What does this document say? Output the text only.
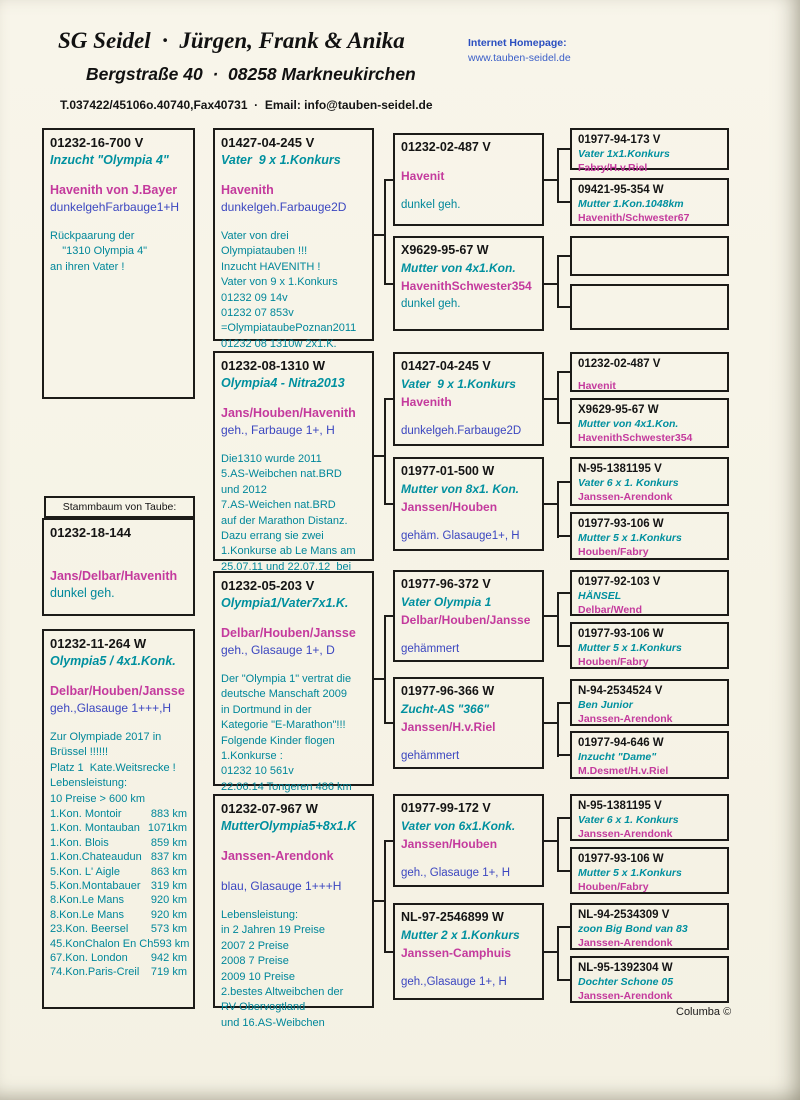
SG Seidel  ·  Jürgen, Frank & Anika	Internet Homepage:
www.tauben-seidel.de
Bergstraße 40  ·  08258 Markneukirchen
T.037422/45106o.40740,Fax40731  ·  Email: info@tauben-seidel.de
01232-16-700 V
Inzucht "Olympia 4"
Havenith von J.Bayer
dunkelgehFarbauge1+H
Rückpaarung der
"1310 Olympia 4"
an ihren Vater !
Stammbaum von Taube:
01232-18-144
Jans/Delbar/Havenith
dunkel geh.
01232-11-264 W
Olympia5 / 4x1.Konk.
Delbar/Houben/Jansse
geh.,Glasauge 1+++,H
Zur Olympiade 2017 in
Brüssel !!!!!!
Platz 1  Kate.Weitsrecke !
Lebensleistung:
10 Preise > 600 km
1.Kon. Montoir	883 km
1.Kon. Montauban 1071km
1.Kon. Blois	859 km
1.Kon.Chateaudun 837 km
5.Kon. L' Aigle	863 km
5.Kon.Montabauer 319 km
8.Kon.Le Mans 920 km
8.Kon.Le Mans 920 km
23.Kon. Beersel 573 km
45.KonChalon En Ch 593 km
67.Kon. London 942 km
74.Kon.Paris-Creil 719 km
01427-04-245 V
Vater  9 x 1.Konkurs
Havenith
dunkelgeh.Farbauge2D
Vater von drei
Olympiatauben !!!
Inzucht HAVENITH !
Vater von 9 x 1.Konkurs
01232 09 14v
01232 07 853v
=OlympiataubePoznan2011
01232 08 1310w 2x1.K.
01232-08-1310 W
Olympia4 - Nitra2013
Jans/Houben/Havenith
geh., Farbauge 1+, H
Die1310 wurde 2011
5.AS-Weibchen nat.BRD
und 2012
7.AS-Weichen nat.BRD
auf der Marathon Distanz.
Dazu errang sie zwei
1.Konkurse ab Le Mans am
25.07.11 und 22.07.12  bei
01232-05-203 V
Olympia1/Vater7x1.K.
Delbar/Houben/Jansse
geh., Glasauge 1+, D
Der "Olympia 1" vertrat die
deutsche Manschaft 2009
in Dortmund in der
Kategorie "E-Marathon"!!!
Folgende Kinder flogen
1.Konkurse :
01232 10 561v
22.06.14 Tongeren 486 km
01232-07-967 W
MutterOlympia5+8x1.K
Janssen-Arendonk
blau, Glasauge 1+++H
Lebensleistung:
in 2 Jahren 19 Preise
2007 2 Preise
2008 7 Preise
2009 10 Preise
2.bestes Altweibchen der
RV Obervogtland
und 16.AS-Weibchen
01232-02-487 V
Havenit
dunkel geh.
X9629-95-67 W
Mutter von 4x1.Kon.
HavenithSchwester354
dunkel geh.
01427-04-245 V
Vater  9 x 1.Konkurs
Havenith
dunkelgeh.Farbauge2D
01977-01-500 W
Mutter von 8x1. Kon.
Janssen/Houben
gehäm. Glasauge1+, H
01977-96-372 V
Vater Olympia 1
Delbar/Houben/Jansse
gehämmert
01977-96-366 W
Zucht-AS "366"
Janssen/H.v.Riel
gehämmert
01977-99-172 V
Vater von 6x1.Konk.
Janssen/Houben
geh., Glasauge 1+, H
NL-97-2546899 W
Mutter 2 x 1.Konkurs
Janssen-Camphuis
geh.,Glasauge 1+, H
01977-94-173 V
Vater 1x1.Konkurs
Fabry/H.v.Riel
09421-95-354 W
Mutter 1.Kon.1048km
Havenith/Schwester67
01232-02-487 V
Havenit
X9629-95-67 W
Mutter von 4x1.Kon.
HavenithSchwester354
N-95-1381195 V
Vater 6 x 1. Konkurs
Janssen-Arendonk
01977-93-106 W
Mutter 5 x 1.Konkurs
Houben/Fabry
01977-92-103 V
HÄNSEL
Delbar/Wend
01977-93-106 W
Mutter 5 x 1.Konkurs
Houben/Fabry
N-94-2534524 V
Ben Junior
Janssen-Arendonk
01977-94-646 W
Inzucht "Dame"
M.Desmet/H.v.Riel
N-95-1381195 V
Vater 6 x 1. Konkurs
Janssen-Arendonk
01977-93-106 W
Mutter 5 x 1.Konkurs
Houben/Fabry
NL-94-2534309 V
zoon Big Bond van 83
Janssen-Arendonk
NL-95-1392304 W
Dochter Schone 05
Janssen-Arendonk
Columba ©
